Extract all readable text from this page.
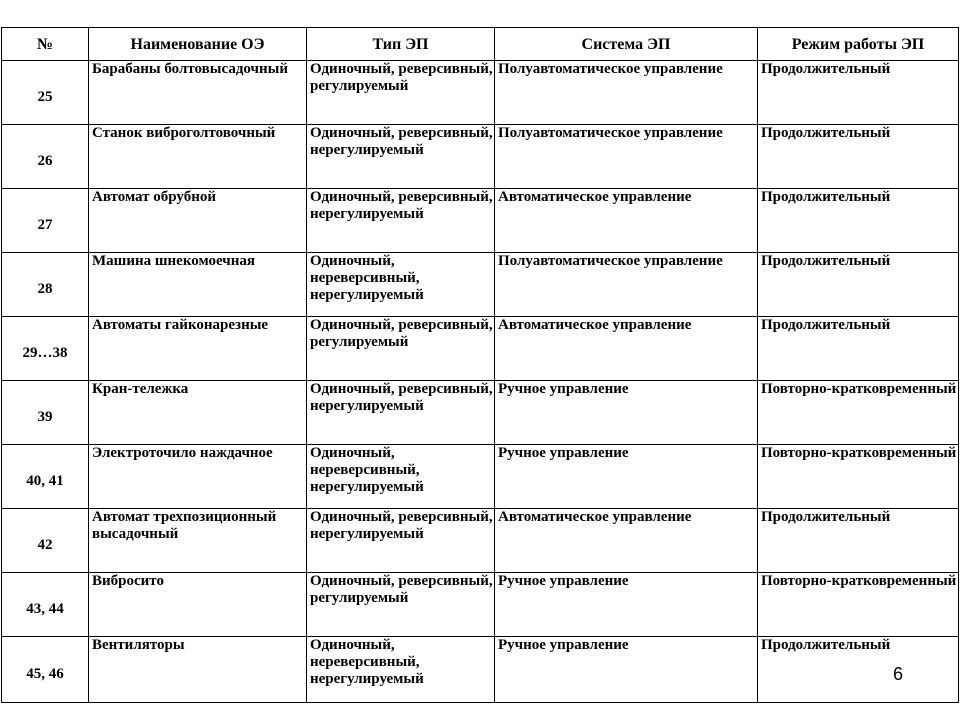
№	Наименование ОЭ	Тип ЭП	Система ЭП	Режим работы ЭП
25	Барабаны болтовысадочный	Одиночный, реверсивный, регулируемый	Полуавтоматическое управление	Продолжительный
26	Станок виброголтовочный	Одиночный, реверсивный, нерегулируемый	Полуавтоматическое управление	Продолжительный
27	Автомат обрубной	Одиночный, реверсивный, нерегулируемый	Автоматическое управление	Продолжительный
28	Машина шнекомоечная	Одиночный, нереверсивный, нерегулируемый	Полуавтоматическое управление	Продолжительный
29…38	Автоматы гайконарезные	Одиночный, реверсивный, регулируемый	Автоматическое управление	Продолжительный
39	Кран-тележка	Одиночный, реверсивный, нерегулируемый	Ручное управление	Повторно-кратковременный
40, 41	Электроточило наждачное	Одиночный, нереверсивный, нерегулируемый	Ручное управление	Повторно-кратковременный
42	Автомат трехпозиционный высадочный	Одиночный, реверсивный, нерегулируемый	Автоматическое управление	Продолжительный
43, 44	Вибросито	Одиночный, реверсивный, регулируемый	Ручное управление	Повторно-кратковременный
45, 46	Вентиляторы	Одиночный, нереверсивный, нерегулируемый	Ручное управление	Продолжительный
6
